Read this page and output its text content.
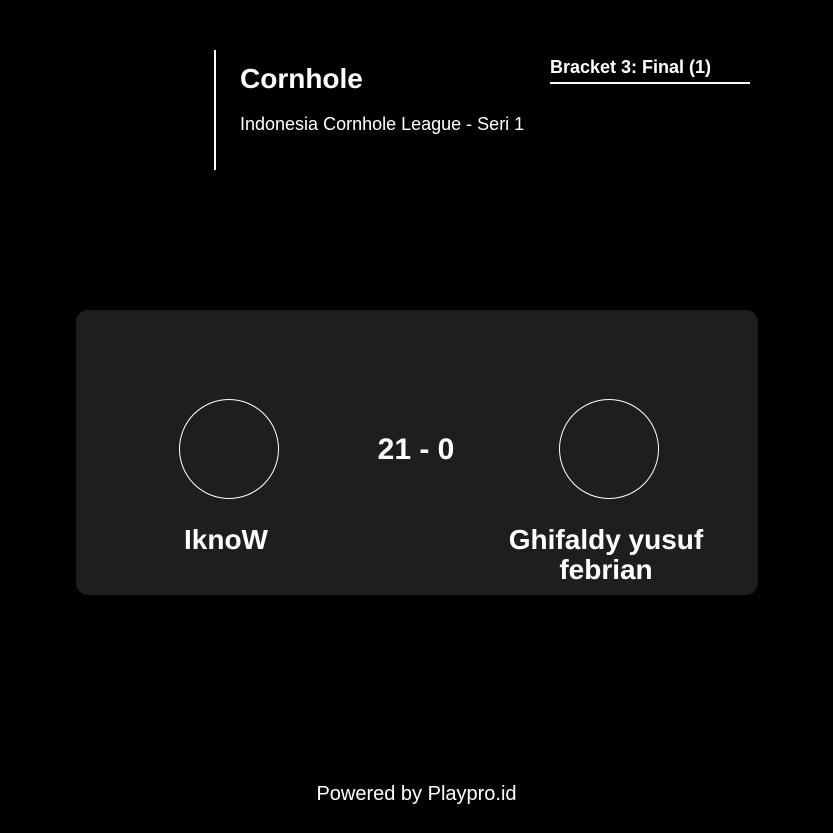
Cornhole
Indonesia Cornhole League - Seri 1
Bracket 3: Final (1)
21 - 0
IknoW	Ghifaldy yusuf febrian
Powered by Playpro.id
